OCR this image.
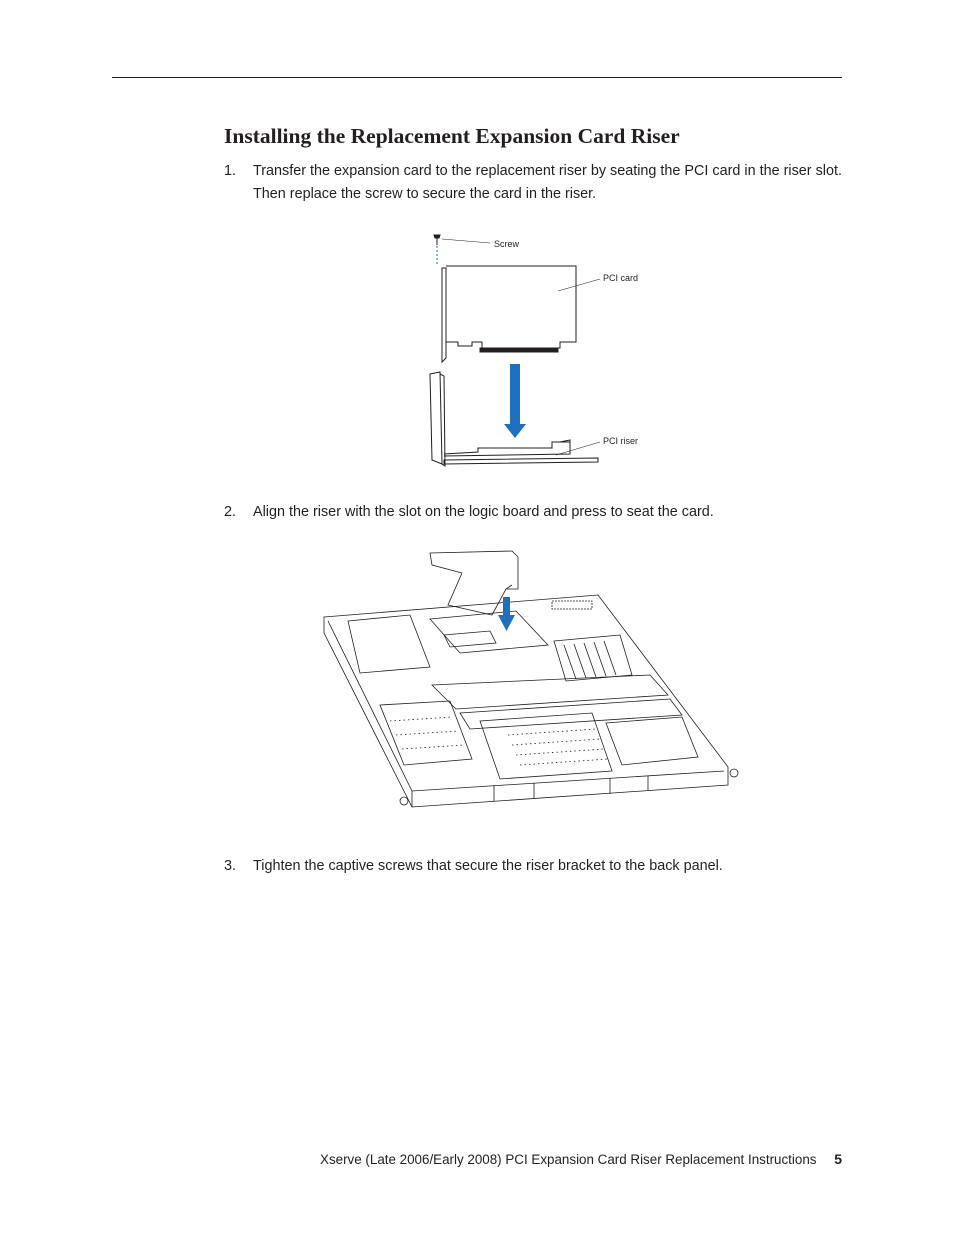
Installing the Replacement Expansion Card Riser
1. Transfer the expansion card to the replacement riser by seating the PCI card in the riser slot. Then replace the screw to secure the card in the riser.
Screw
PCI card
PCI riser
2. Align the riser with the slot on the logic board and press to seat the card.
3. Tighten the captive screws that secure the riser bracket to the back panel.
Xserve (Late 2006/Early 2008) PCI Expansion Card Riser Replacement Instructions 5
